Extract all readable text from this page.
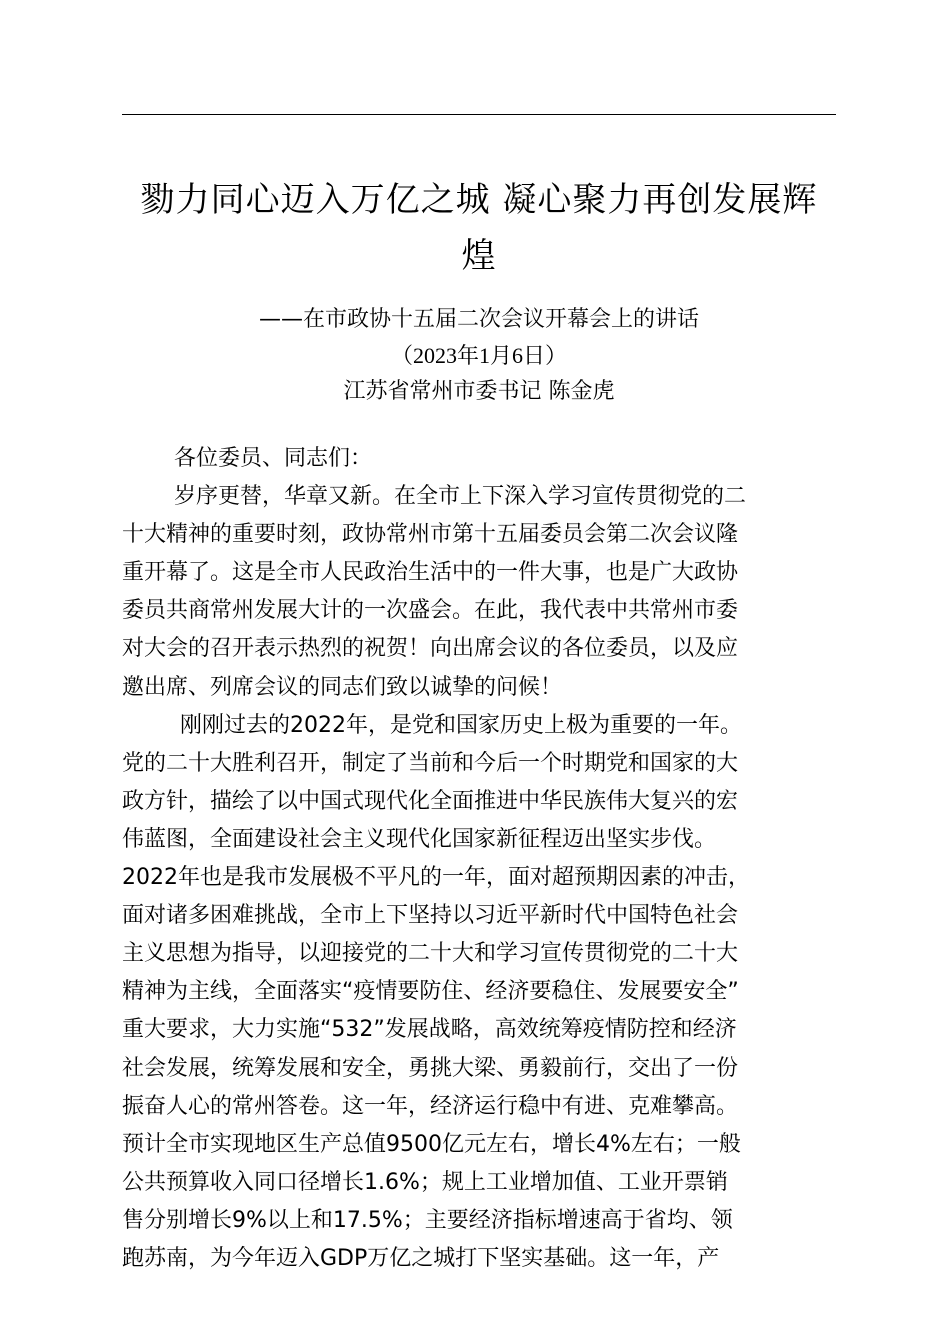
勠力同心迈入万亿之城 凝心聚力再创发展辉
煌
——在市政协十五届二次会议开幕会上的讲话
（2023年1月6日）
江苏省常州市委书记 陈金虎
各位委员、同志们：
岁序更替，华章又新。在全市上下深入学习宣传贯彻党的二
十大精神的重要时刻，政协常州市第十五届委员会第二次会议隆
重开幕了。这是全市人民政治生活中的一件大事，也是广大政协
委员共商常州发展大计的一次盛会。在此，我代表中共常州市委
对大会的召开表示热烈的祝贺！向出席会议的各位委员，以及应
邀出席、列席会议的同志们致以诚挚的问候！
刚刚过去的2022年，是党和国家历史上极为重要的一年。
党的二十大胜利召开，制定了当前和今后一个时期党和国家的大
政方针，描绘了以中国式现代化全面推进中华民族伟大复兴的宏
伟蓝图，全面建设社会主义现代化国家新征程迈出坚实步伐。
2022年也是我市发展极不平凡的一年，面对超预期因素的冲击，
面对诸多困难挑战，全市上下坚持以习近平新时代中国特色社会
主义思想为指导，以迎接党的二十大和学习宣传贯彻党的二十大
精神为主线，全面落实“疫情要防住、经济要稳住、发展要安全”
重大要求，大力实施“532”发展战略，高效统筹疫情防控和经济
社会发展，统筹发展和安全，勇挑大梁、勇毅前行，交出了一份
振奋人心的常州答卷。这一年，经济运行稳中有进、克难攀高。
预计全市实现地区生产总值9500亿元左右，增长4%左右；一般
公共预算收入同口径增长1.6%；规上工业增加值、工业开票销
售分别增长9%以上和17.5%；主要经济指标增速高于省均、领
跑苏南，为今年迈入GDP万亿之城打下坚实基础。这一年，产
